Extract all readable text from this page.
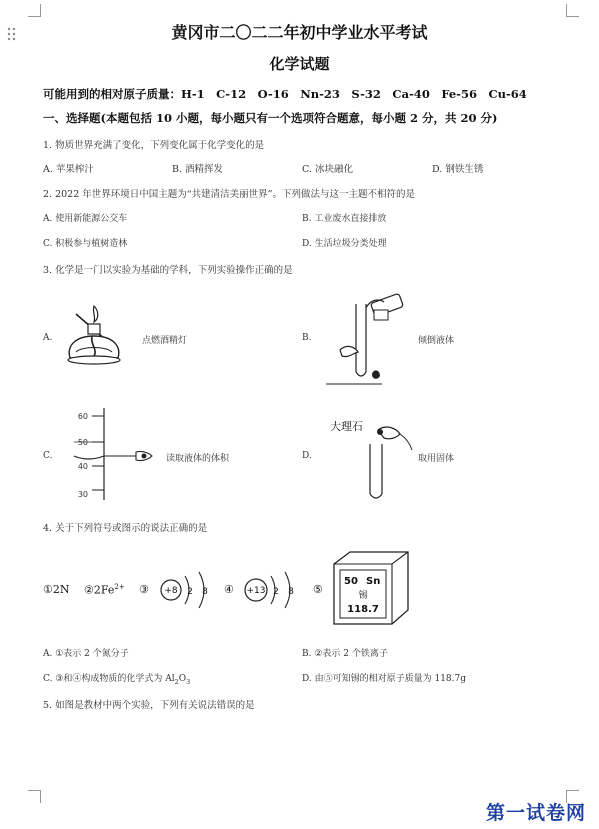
黄冈市二〇二二年初中学业水平考试
化学试题
可能用到的相对原子质量：H-1　C-12　O-16　Nn-23　S-32　Ca-40　Fe-56　Cu-64
一、选择题(本题包括 10 小题，每小题只有一个选项符合题意，每小题 2 分，共 20 分)
1. 物质世界充满了变化，下列变化属于化学变化的是
A. 苹果榨汁	B. 酒精挥发	C. 冰块融化	D. 钢铁生锈
2. 2022 年世界环境日中国主题为“共建清洁美丽世界”。下列做法与这一主题不相符的是
A. 使用新能源公交车	B. 工业废水直接排放
C. 积极参与植树造林	D. 生活垃圾分类处理
3. 化学是一门以实验为基础的学科，下列实验操作正确的是
A.	点燃酒精灯	B.	倾倒液体
C.
60
50
40
30
读取液体的体积	D.
大理石
取用固体
4. 关于下列符号或图示的说法正确的是
①2N $②2Fe^{2+}$ ③ +8 2 8 ④ +13 2 8 ⑤
50 Sn
锡
118.7
A. ①表示 2 个氮分子	B. ②表示 2 个铁离子
C. ③和④构成物质的化学式为 $Al_2O_3$	D. 由⑤可知锡的相对原子质量为 118.7g
5. 如图是教材中两个实验，下列有关说法错误的是
第一试卷网
